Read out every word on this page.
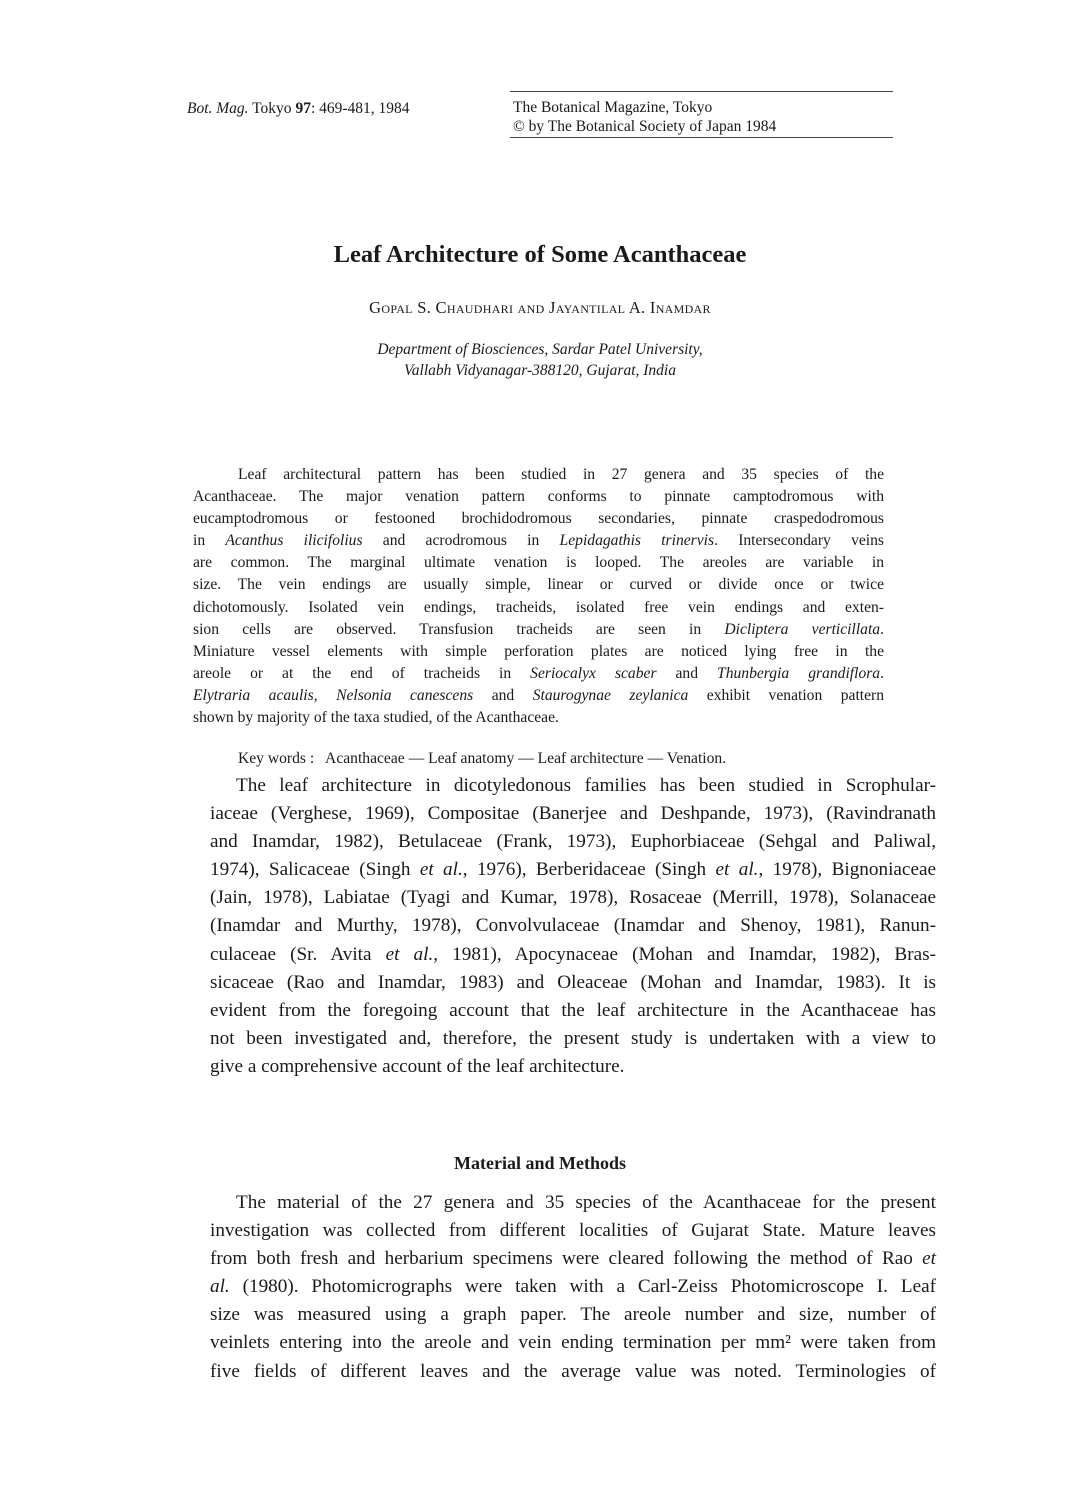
Bot. Mag. Tokyo 97: 469-481, 1984	The Botanical Magazine, Tokyo
© by The Botanical Society of Japan 1984
Leaf Architecture of Some Acanthaceae
Gopal S. Chaudhari and Jayantilal A. Inamdar
Department of Biosciences, Sardar Patel University,
Vallabh Vidyanagar-388120, Gujarat, India
Leaf architectural pattern has been studied in 27 genera and 35 species of the
Acanthaceae. The major venation pattern conforms to pinnate camptodromous with
eucamptodromous or festooned brochidodromous secondaries, pinnate craspedodromous
in Acanthus ilicifolius and acrodromous in Lepidagathis trinervis. Intersecondary veins
are common. The marginal ultimate venation is looped. The areoles are variable in
size. The vein endings are usually simple, linear or curved or divide once or twice
dichotomously. Isolated vein endings, tracheids, isolated free vein endings and exten-
sion cells are observed. Transfusion tracheids are seen in Dicliptera verticillata.
Miniature vessel elements with simple perforation plates are noticed lying free in the
areole or at the end of tracheids in Seriocalyx scaber and Thunbergia grandiflora.
Elytraria acaulis, Nelsonia canescens and Staurogynae zeylanica exhibit venation pattern
shown by majority of the taxa studied, of the Acanthaceae.
Key words :   Acanthaceae — Leaf anatomy — Leaf architecture — Venation.
The leaf architecture in dicotyledonous families has been studied in Scrophular-
iaceae (Verghese, 1969), Compositae (Banerjee and Deshpande, 1973), (Ravindranath
and Inamdar, 1982), Betulaceae (Frank, 1973), Euphorbiaceae (Sehgal and Paliwal,
1974), Salicaceae (Singh et al., 1976), Berberidaceae (Singh et al., 1978), Bignoniaceae
(Jain, 1978), Labiatae (Tyagi and Kumar, 1978), Rosaceae (Merrill, 1978), Solanaceae
(Inamdar and Murthy, 1978), Convolvulaceae (Inamdar and Shenoy, 1981), Ranun-
culaceae (Sr. Avita et al., 1981), Apocynaceae (Mohan and Inamdar, 1982), Bras-
sicaceae (Rao and Inamdar, 1983) and Oleaceae (Mohan and Inamdar, 1983). It is
evident from the foregoing account that the leaf architecture in the Acanthaceae has
not been investigated and, therefore, the present study is undertaken with a view to
give a comprehensive account of the leaf architecture.
Material and Methods
The material of the 27 genera and 35 species of the Acanthaceae for the present
investigation was collected from different localities of Gujarat State. Mature leaves
from both fresh and herbarium specimens were cleared following the method of Rao et
al. (1980). Photomicrographs were taken with a Carl-Zeiss Photomicroscope I. Leaf
size was measured using a graph paper. The areole number and size, number of
veinlets entering into the areole and vein ending termination per mm² were taken from
five fields of different leaves and the average value was noted. Terminologies of
